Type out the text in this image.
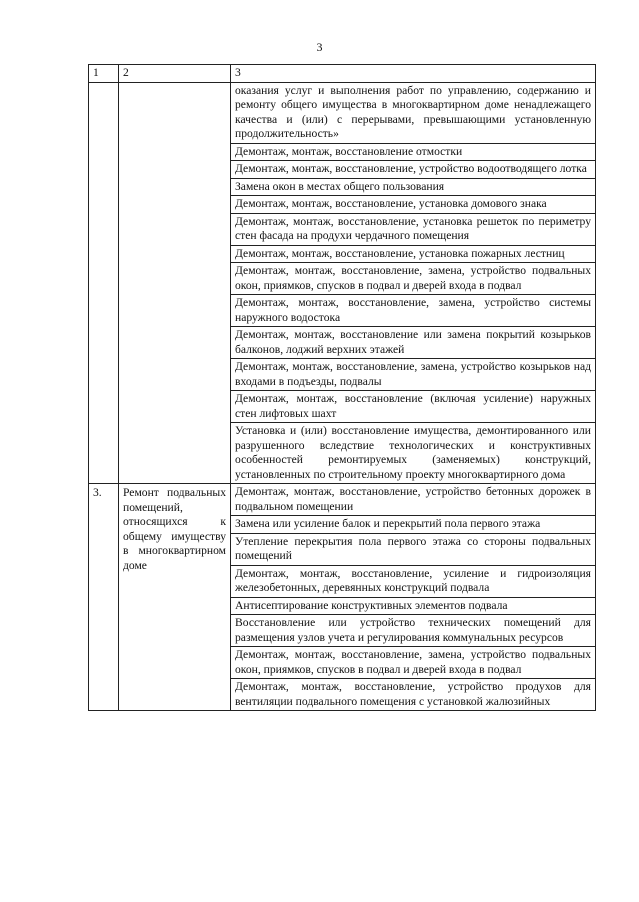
3
1	2	3
		оказания услуг и выполнения работ по управлению, содержанию и ремонту общего имущества в многоквартирном доме ненадлежащего качества и (или) с перерывами, превышающими установленную продолжительность»
		Демонтаж, монтаж, восстановление отмостки
		Демонтаж, монтаж, восстановление, устройство водоотводящего лотка
		Замена окон в местах общего пользования
		Демонтаж, монтаж, восстановление, установка домового знака
		Демонтаж, монтаж, восстановление, установка решеток по периметру стен фасада на продухи чердачного помещения
		Демонтаж, монтаж, восстановление, установка пожарных лестниц
		Демонтаж, монтаж, восстановление, замена, устройство подвальных окон, приямков, спусков в подвал и дверей входа в подвал
		Демонтаж, монтаж, восстановление, замена, устройство системы наружного водостока
		Демонтаж, монтаж, восстановление или замена покрытий козырьков балконов, лоджий верхних этажей
		Демонтаж, монтаж, восстановление, замена, устройство козырьков над входами в подъезды, подвалы
		Демонтаж, монтаж, восстановление (включая усиление) наружных стен лифтовых шахт
		Установка и (или) восстановление имущества, демонтированного или разрушенного вследствие технологических и конструктивных особенностей ремонтируемых (заменяемых) конструкций, установленных по строительному проекту многоквартирного дома
3.	Ремонт подвальных помещений, относящихся к общему имуществу в многоквартирном доме	Демонтаж, монтаж, восстановление, устройство бетонных дорожек в подвальном помещении
		Замена или усиление балок и перекрытий пола первого этажа
		Утепление перекрытия пола первого этажа со стороны подвальных помещений
		Демонтаж, монтаж, восстановление, усиление и гидроизоляция железобетонных, деревянных конструкций подвала
		Антисептирование конструктивных элементов подвала
		Восстановление или устройство технических помещений для размещения узлов учета и регулирования коммунальных ресурсов
		Демонтаж, монтаж, восстановление, замена, устройство подвальных окон, приямков, спусков в подвал и дверей входа в подвал
		Демонтаж, монтаж, восстановление, устройство продухов для вентиляции подвального помещения с установкой жалюзийных
